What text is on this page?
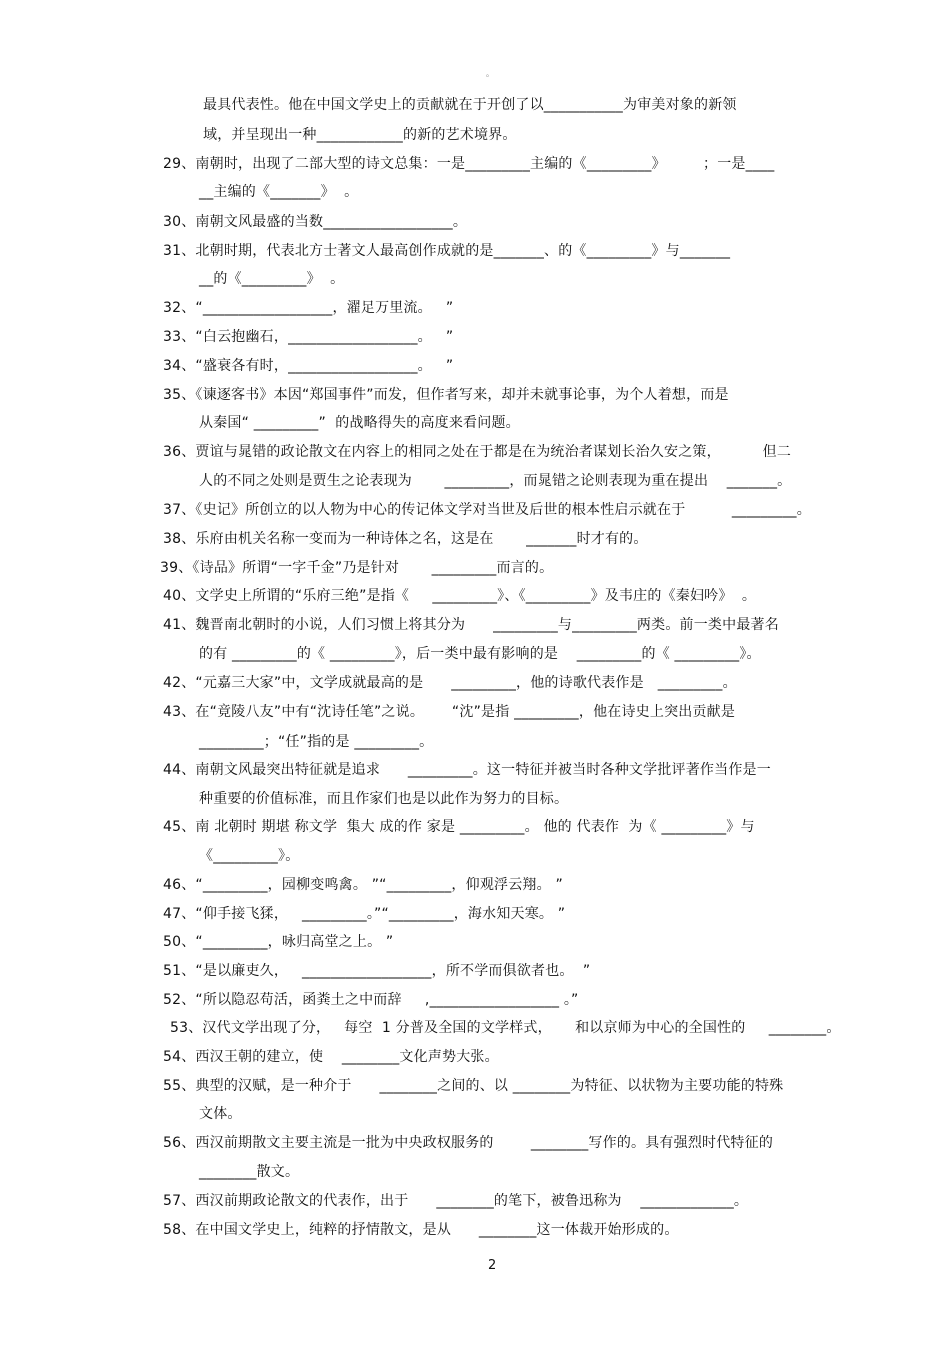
。
最具代表性。他在中国文学史上的贡献就在于开创了以___________为审美对象的新领
域，并呈现出一种____________的新的艺术境界。
29、南朝时，出现了二部大型的诗文总集：一是_________主编的《_________》        ；一是____
__主编的《_______》  。
30、南朝文风最盛的当数__________________。
31、北朝时期，代表北方士著文人最高创作成就的是_______、的《_________》与_______
__的《_________》  。
32、“__________________，濯足万里流。   ”
33、“白云抱幽石，__________________。   ”
34、“盛衰各有时，__________________。   ”
35、《谏逐客书》本因“郑国事件”而发，但作者写来，却并未就事论事，为个人着想，而是
从秦国“ _________”  的战略得失的高度来看问题。
36、贾谊与晁错的政论散文在内容上的相同之处在于都是在为统治者谋划长治久安之策，         但二
人的不同之处则是贾生之论表现为       _________，而晁错之论则表现为重在提出    _______。
37、《史记》所创立的以人物为中心的传记体文学对当世及后世的根本性启示就在于          _________。
38、乐府由机关名称一变而为一种诗体之名，这是在       _______时才有的。
39、《诗品》所谓“一字千金”乃是针对       _________而言的。
40、文学史上所谓的“乐府三绝”是指《     _________》、《_________》及韦庄的《秦妇吟》  。
41、魏晋南北朝时的小说，人们习惯上将其分为      _________与_________两类。前一类中最著名
的有 _________的《 _________》，后一类中最有影响的是    _________的《 _________》。
42、“元嘉三大家”中，文学成就最高的是      _________，他的诗歌代表作是   _________。
43、在“竟陵八友”中有“沈诗任笔”之说。      “沈”是指 _________，他在诗史上突出贡献是
_________；“任”指的是 _________。
44、南朝文风最突出特征就是追求      _________。这一特征并被当时各种文学批评著作当作是一
种重要的价值标准，而且作家们也是以此作为努力的目标。
45、南 北朝时 期堪 称文学  集大 成的作 家是 _________。 他的 代表作  为《 _________》与
《_________》。
46、“_________，园柳变鸣禽。 ”“_________，仰观浮云翔。 ”
47、“仰手接飞猱，   _________。”“_________，海水知天寒。 ”
50、“_________，咏归高堂之上。 ”
51、“是以廉吏久，   __________________，所不学而俱欲者也。  ”
52、“所以隐忍苟活，函粪土之中而辞     ,__________________ 。”
53、汉代文学出现了分，   每空  1 分普及全国的文学样式，     和以京师为中心的全国性的     ________。
54、西汉王朝的建立，使    ________文化声势大张。
55、典型的汉赋，是一种介于      ________之间的、以 ________为特征、以状物为主要功能的特殊
文体。
56、西汉前期散文主要主流是一批为中央政权服务的        ________写作的。具有强烈时代特征的
________散文。
57、西汉前期政论散文的代表作，出于      ________的笔下，被鲁迅称为    _____________。
58、在中国文学史上，纯粹的抒情散文，是从      ________这一体裁开始形成的。
2
